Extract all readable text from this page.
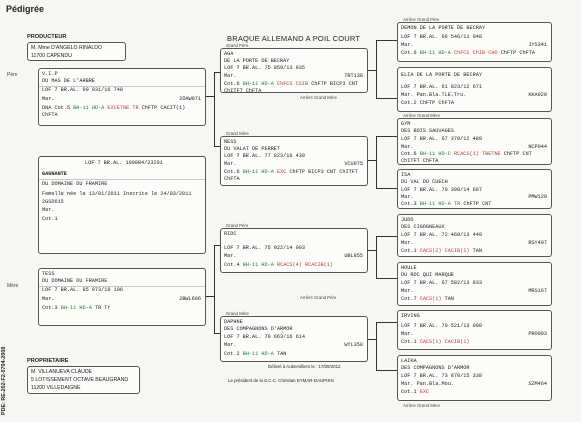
Pédigrée
BRAQUE ALLEMAND A POIL COURT
PDE: RE-202-F2-0704-2008
PRODUCTEUR
M. Mme D'ANGELO RINALDO
11700 CAPENDU
Père	V.I.P
DU MAS DE L'ARBRE
LOF 7 BR.AL. 90 931/16 748
Mar.	2DAW071
DNA Cot.5 BH-11 HD-A EXCETNE TR ChFTP CACIT(1) ChFTA
LOF 7 BR.AL. 100084/23291
GAGNANTE
DU DOMAINE DU FRAMIRE
Femelle née le 13/01/2011 Inscrite le 24/03/2011
2GSD615
Mar.
Cot.1
Mère
TESS
DU DOMAINE DU FRAMIRE
LOF 7 BR.AL. 85 073/18 106
Mar.	2BWL606
Cot.3 BH-11 HD-A TR Tr
PROPRIETAIRE
M. VILLANUEVA CLAUDE
5 LOTISSEMENT OCTAVE BEAUGRAND
11200 VILLEDAIGNE
Grand Père
AGA
DE LA PORTE DE BECRAY
LOF 7 BR.AL. 75 859/13 935
Mar.	TRT138
Cot.6 BH-11 HD-A ChFCS CSIB ChFTP BICP3 CNT ChITFT ChFTA
Arrière Grand Mère
Grand Mère
NESS
DU VALAT DE PERRET
LOF 7 BR.AL. 77 823/16 430
Mar.	VCU075
Cot.6 BH-11 HD-A EXC ChFTP BICP3 CNT ChITFT ChFTA
Grand Père
RIDC
LOF 7 BR.AL. 75 922/14 093
Mar.	UBL855
Cot.4 BH-11 HD-A RCACS(4) RCACIB(1)
Arrière Grand Père
Grand Mère
DAPHNE
DES COMPAGNONS D'ARMOR
LOF 7 BR.AL. 70 663/16 614
Mar.	WYL358
Cot.2 BH-11 HD-A TAN
Délivré à Aubervilliers le : 17/09/2012
Le président de la S.C.C. Christian EYMAR-DAUPHIN
Arrière Grand Père
DEMON DE LA PORTE DE BECRAY
LOF 7 BR.AL. 66 546/11 048
Mar.	JYS341
Cot.6 BH-11 HD-A ChFCS ChIB CHO ChFTP ChFTA
ELIA DE LA PORTE DE BECRAY
LOF 7 BR.AL. 61 823/12 671
Mar. Pan.Bla.TLE.Tru.	KKA029
Cot.2 ChFTP ChFTA
Arrière Grand Mère
GYM
DES BOIS SAUVAGES
LOF 7 BR.AL. 67 370/12 489
Mar.	NCP044
Cot.6 BH-11 HD-C RCACS(1) TBETNE ChFTP CNT ChITFT ChFTA
ISA
DU VAL DU CUECH
LOF 7 BR.AL. 70 399/14 687
Mar.	PMW129
Cot.3 BH-11 HD-A TR ChFTP CNT
JUDO
DES CIGOGNEAUX
LOF 7 BR.AL. 72 468/13 449
Mar.	RSY497
Cot.1 CACS(2) CACIB(1) TAN
HOULE
DU ROC QUI MARQUE
LOF 7 BR.AL. 67 582/13 833
Mar.	MRS167
Cot.7 CACS(1) TAN
IRVING
LOF 7 BR.AL. 70 521/13 090
Mar.	PRO093
Cot.1 CACS(1) CACIB(1)
LAIKA
DES COMPAGNONS D'ARMOR
LOF 7 BR.AL. 73 878/15 338
Mar. Pan.Bla.Mou.	SZM464
Cot.1 EXC
Arrière Grand Mère
